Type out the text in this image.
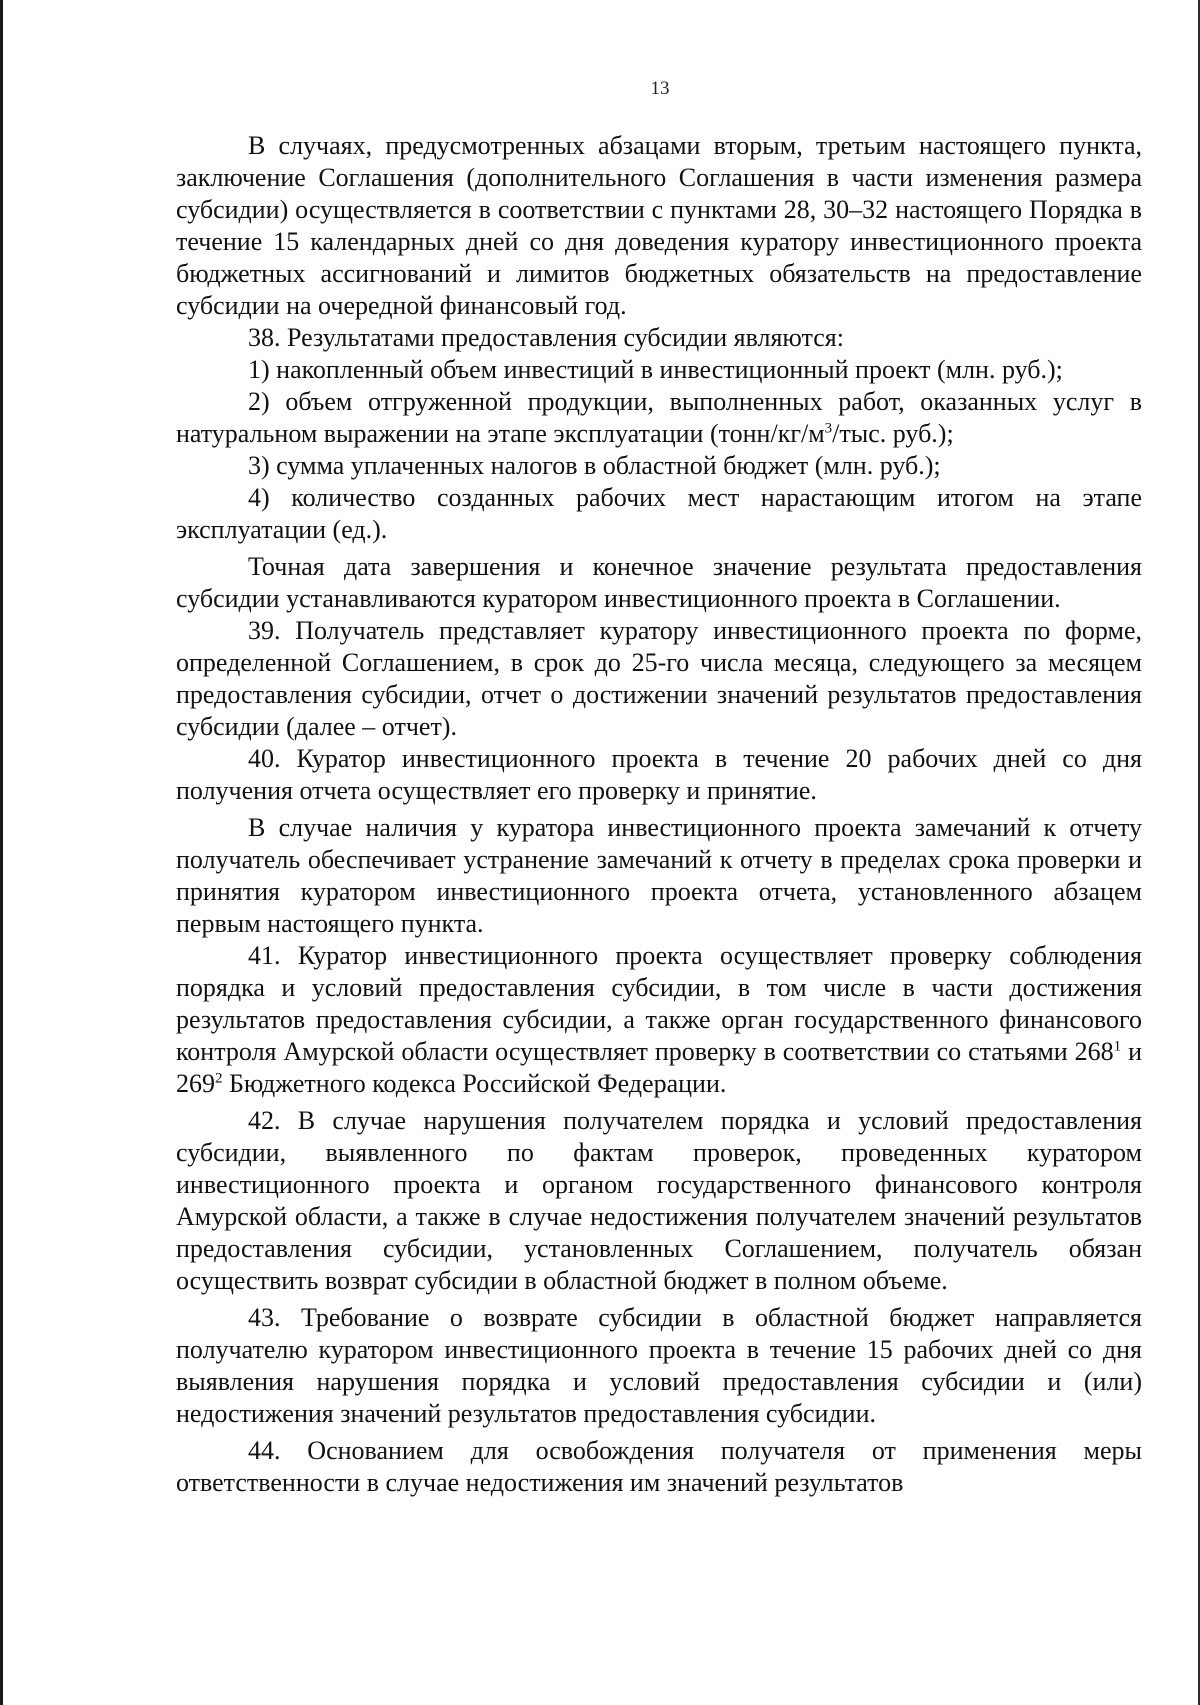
13

В случаях, предусмотренных абзацами вторым, третьим настоящего пункта, заключение Соглашения (дополнительного Соглашения в части изменения размера субсидии) осуществляется в соответствии с пунктами 28, 30–32 настоящего Порядка в течение 15 календарных дней со дня доведения куратору инвестиционного проекта бюджетных ассигнований и лимитов бюджетных обязательств на предоставление субсидии на очередной финансовый год.

38. Результатами предоставления субсидии являются:

1) накопленный объем инвестиций в инвестиционный проект (млн. руб.);

2) объем отгруженной продукции, выполненных работ, оказанных услуг в натуральном выражении на этапе эксплуатации ($тонн/кг/м^3$/тыс. руб.);

3) сумма уплаченных налогов в областной бюджет (млн. руб.);

4) количество созданных рабочих мест нарастающим итогом на этапе эксплуатации (ед.).

Точная дата завершения и конечное значение результата предоставления субсидии устанавливаются куратором инвестиционного проекта в Соглашении.

39. Получатель представляет куратору инвестиционного проекта по форме, определенной Соглашением, в срок до 25-го числа месяца, следующего за месяцем предоставления субсидии, отчет о достижении значений результатов предоставления субсидии (далее – отчет).

40. Куратор инвестиционного проекта в течение 20 рабочих дней со дня получения отчета осуществляет его проверку и принятие.

В случае наличия у куратора инвестиционного проекта замечаний к отчету получатель обеспечивает устранение замечаний к отчету в пределах срока проверки и принятия куратором инвестиционного проекта отчета, установленного абзацем первым настоящего пункта.

41. Куратор инвестиционного проекта осуществляет проверку соблюдения порядка и условий предоставления субсидии, в том числе в части достижения результатов предоставления субсидии, а также орган государственного финансового контроля Амурской области осуществляет проверку в соответствии со статьями $268^1$ и $269^2$ Бюджетного кодекса Российской Федерации.

42. В случае нарушения получателем порядка и условий предоставления субсидии, выявленного по фактам проверок, проведенных куратором инвестиционного проекта и органом государственного финансового контроля Амурской области, а также в случае недостижения получателем значений результатов предоставления субсидии, установленных Соглашением, получатель обязан осуществить возврат субсидии в областной бюджет в полном объеме.

43. Требование о возврате субсидии в областной бюджет направляется получателю куратором инвестиционного проекта в течение 15 рабочих дней со дня выявления нарушения порядка и условий предоставления субсидии и (или) недостижения значений результатов предоставления субсидии.

44. Основанием для освобождения получателя от применения меры ответственности в случае недостижения им значений результатов
